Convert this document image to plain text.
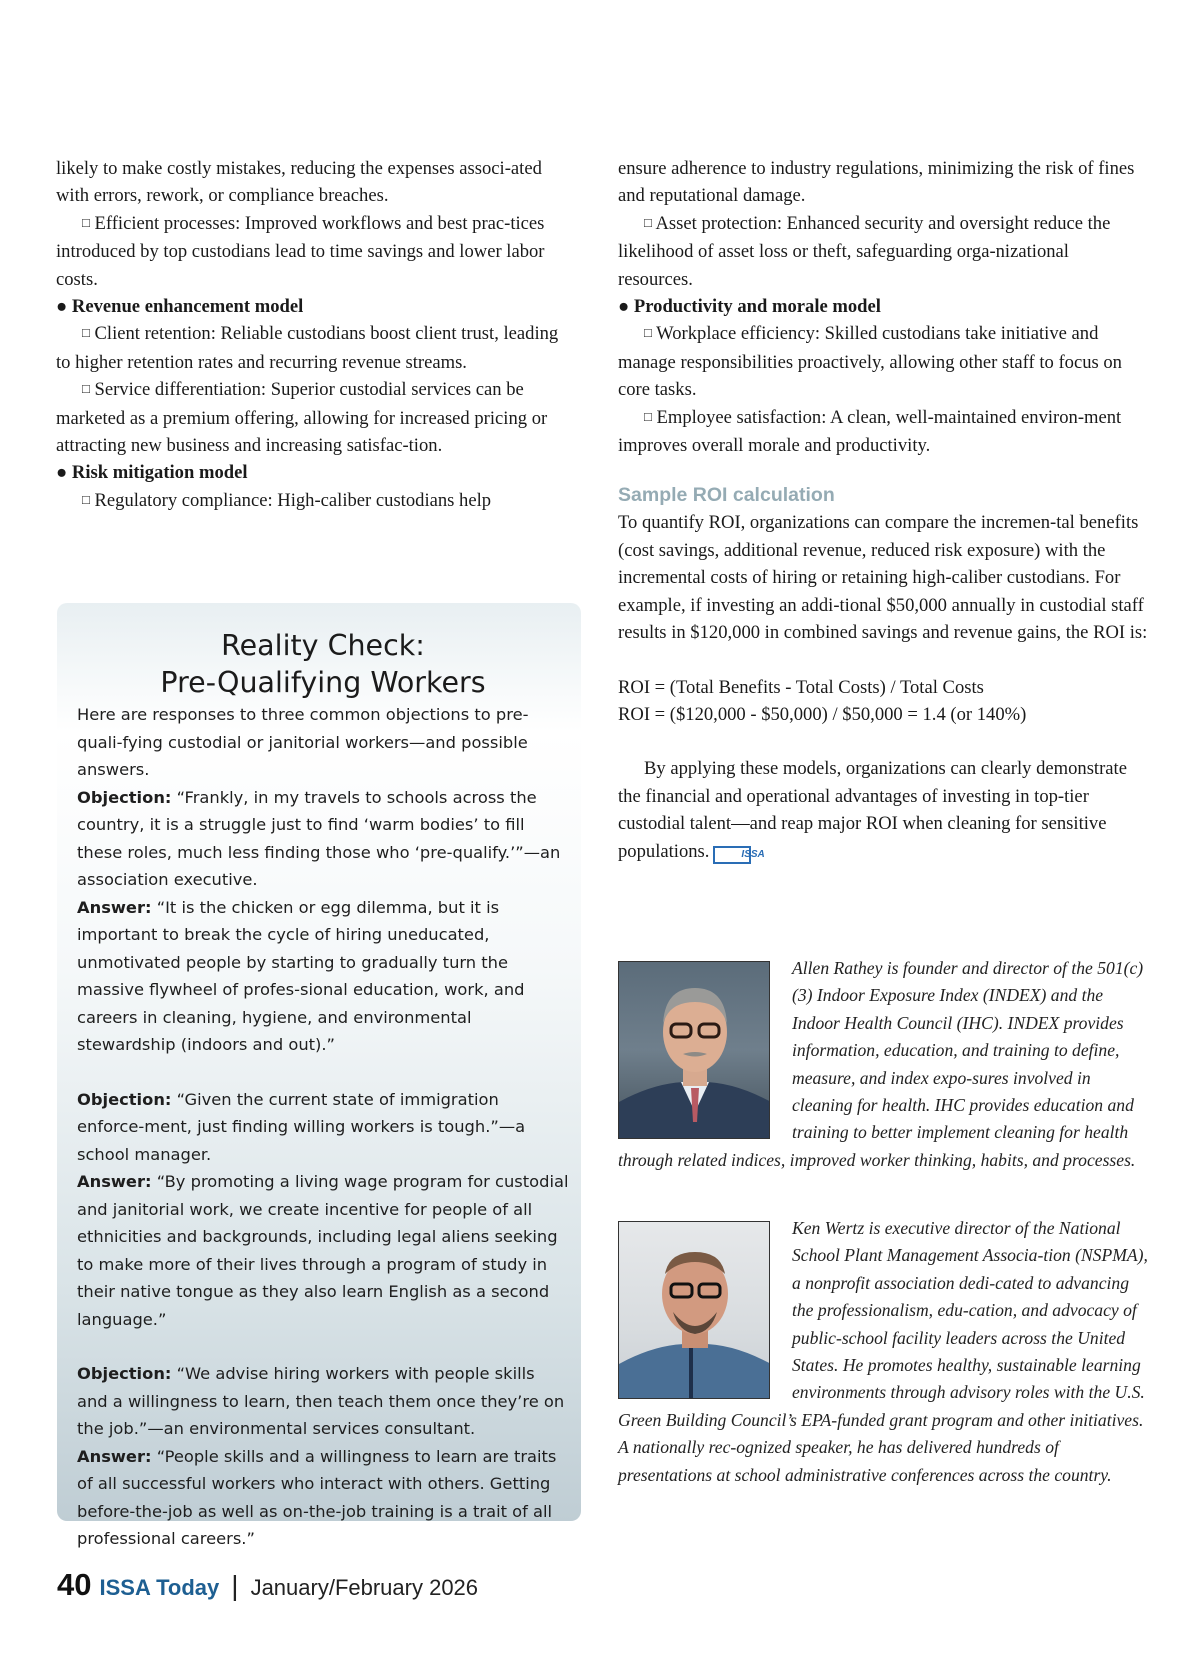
likely to make costly mistakes, reducing the expenses associ-ated with errors, rework, or compliance breaches.

□ Efficient processes: Improved workflows and best prac-tices introduced by top custodians lead to time savings and lower labor costs.

● Revenue enhancement model

□ Client retention: Reliable custodians boost client trust, leading to higher retention rates and recurring revenue streams.

□ Service differentiation: Superior custodial services can be marketed as a premium offering, allowing for increased pricing or attracting new business and increasing satisfac-tion.

● Risk mitigation model

□ Regulatory compliance: High-caliber custodians help

Reality Check:
Pre-Qualifying Workers

Here are responses to three common objections to pre-quali-fying custodial or janitorial workers—and possible answers.

Objection: “Frankly, in my travels to schools across the country, it is a struggle just to find ‘warm bodies’ to fill these roles, much less finding those who ‘pre-qualify.’”—an association executive.

Answer: “It is the chicken or egg dilemma, but it is important to break the cycle of hiring uneducated, unmotivated people by starting to gradually turn the massive flywheel of profes-sional education, work, and careers in cleaning, hygiene, and environmental stewardship (indoors and out).”

Objection: “Given the current state of immigration enforce-ment, just finding willing workers is tough.”—a school manager.

Answer: “By promoting a living wage program for custodial and janitorial work, we create incentive for people of all ethnicities and backgrounds, including legal aliens seeking to make more of their lives through a program of study in their native tongue as they also learn English as a second language.”

Objection: “We advise hiring workers with people skills and a willingness to learn, then teach them once they’re on the job.”—an environmental services consultant.

Answer: “People skills and a willingness to learn are traits of all successful workers who interact with others. Getting before-the-job as well as on-the-job training is a trait of all professional careers.”

ensure adherence to industry regulations, minimizing the risk of fines and reputational damage.

□ Asset protection: Enhanced security and oversight reduce the likelihood of asset loss or theft, safeguarding orga-nizational resources.

● Productivity and morale model

□ Workplace efficiency: Skilled custodians take initiative and manage responsibilities proactively, allowing other staff to focus on core tasks.

□ Employee satisfaction: A clean, well-maintained environ-ment improves overall morale and productivity.

Sample ROI calculation

To quantify ROI, organizations can compare the incremen-tal benefits (cost savings, additional revenue, reduced risk exposure) with the incremental costs of hiring or retaining high-caliber custodians. For example, if investing an addi-tional $50,000 annually in custodial staff results in $120,000 in combined savings and revenue gains, the ROI is:

ROI = (Total Benefits - Total Costs) / Total Costs

ROI = ($120,000 - $50,000) / $50,000 = 1.4 (or 140%)

By applying these models, organizations can clearly demonstrate the financial and operational advantages of investing in top-tier custodial talent—and reap major ROI when cleaning for sensitive populations.	ISSA

Allen Rathey is founder and director of the 501(c)(3) Indoor Exposure Index (INDEX) and the Indoor Health Council (IHC). INDEX provides information, education, and training to define, measure, and index expo-sures involved in cleaning for health. IHC provides education and training to better implement cleaning for health through related indices, improved worker thinking, habits, and processes.

Ken Wertz is executive director of the National School Plant Management Associa-tion (NSPMA), a nonprofit association dedi-cated to advancing the professionalism, edu-cation, and advocacy of public-school facility leaders across the United States. He promotes healthy, sustainable learning environments through advisory roles with the U.S. Green Building Council’s EPA-funded grant program and other initiatives. A nationally rec-ognized speaker, he has delivered hundreds of presentations at school administrative conferences across the country.

40 ISSA Today | January/February 2026
